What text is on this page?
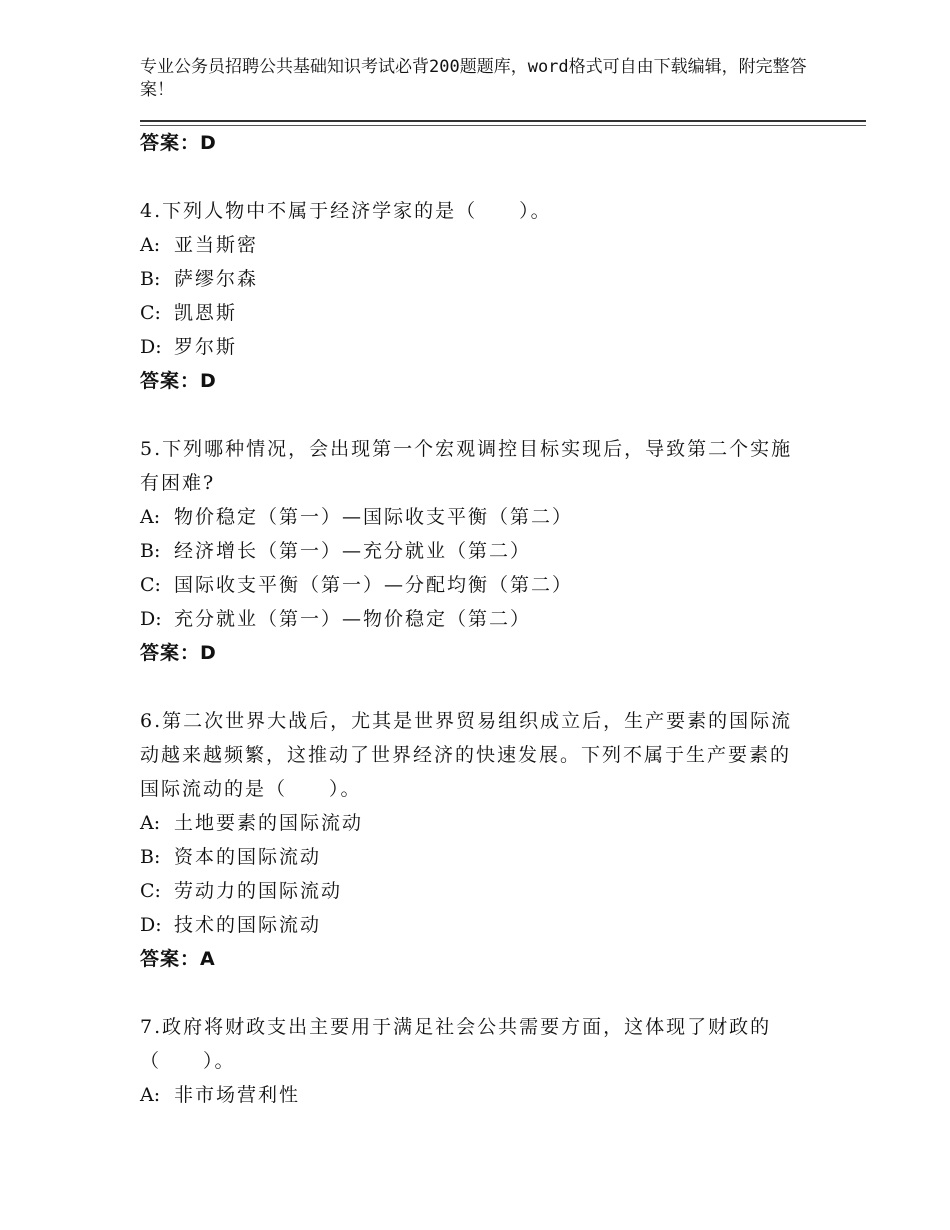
专业公务员招聘公共基础知识考试必背200题题库，word格式可自由下载编辑，附完整答案！

答案：D

4.下列人物中不属于经济学家的是（　　）。

A: 亚当斯密

B: 萨缪尔森

C: 凯恩斯

D: 罗尔斯

答案：D

5.下列哪种情况，会出现第一个宏观调控目标实现后，导致第二个实施有困难?

A: 物价稳定（第一）—国际收支平衡（第二）

B: 经济增长（第一）—充分就业（第二）

C: 国际收支平衡（第一）—分配均衡（第二）

D: 充分就业（第一）—物价稳定（第二）

答案：D

6.第二次世界大战后，尤其是世界贸易组织成立后，生产要素的国际流动越来越频繁，这推动了世界经济的快速发展。下列不属于生产要素的国际流动的是（　　）。

A: 土地要素的国际流动

B: 资本的国际流动

C: 劳动力的国际流动

D: 技术的国际流动

答案：A

7.政府将财政支出主要用于满足社会公共需要方面，这体现了财政的（　　）。

A: 非市场营利性
